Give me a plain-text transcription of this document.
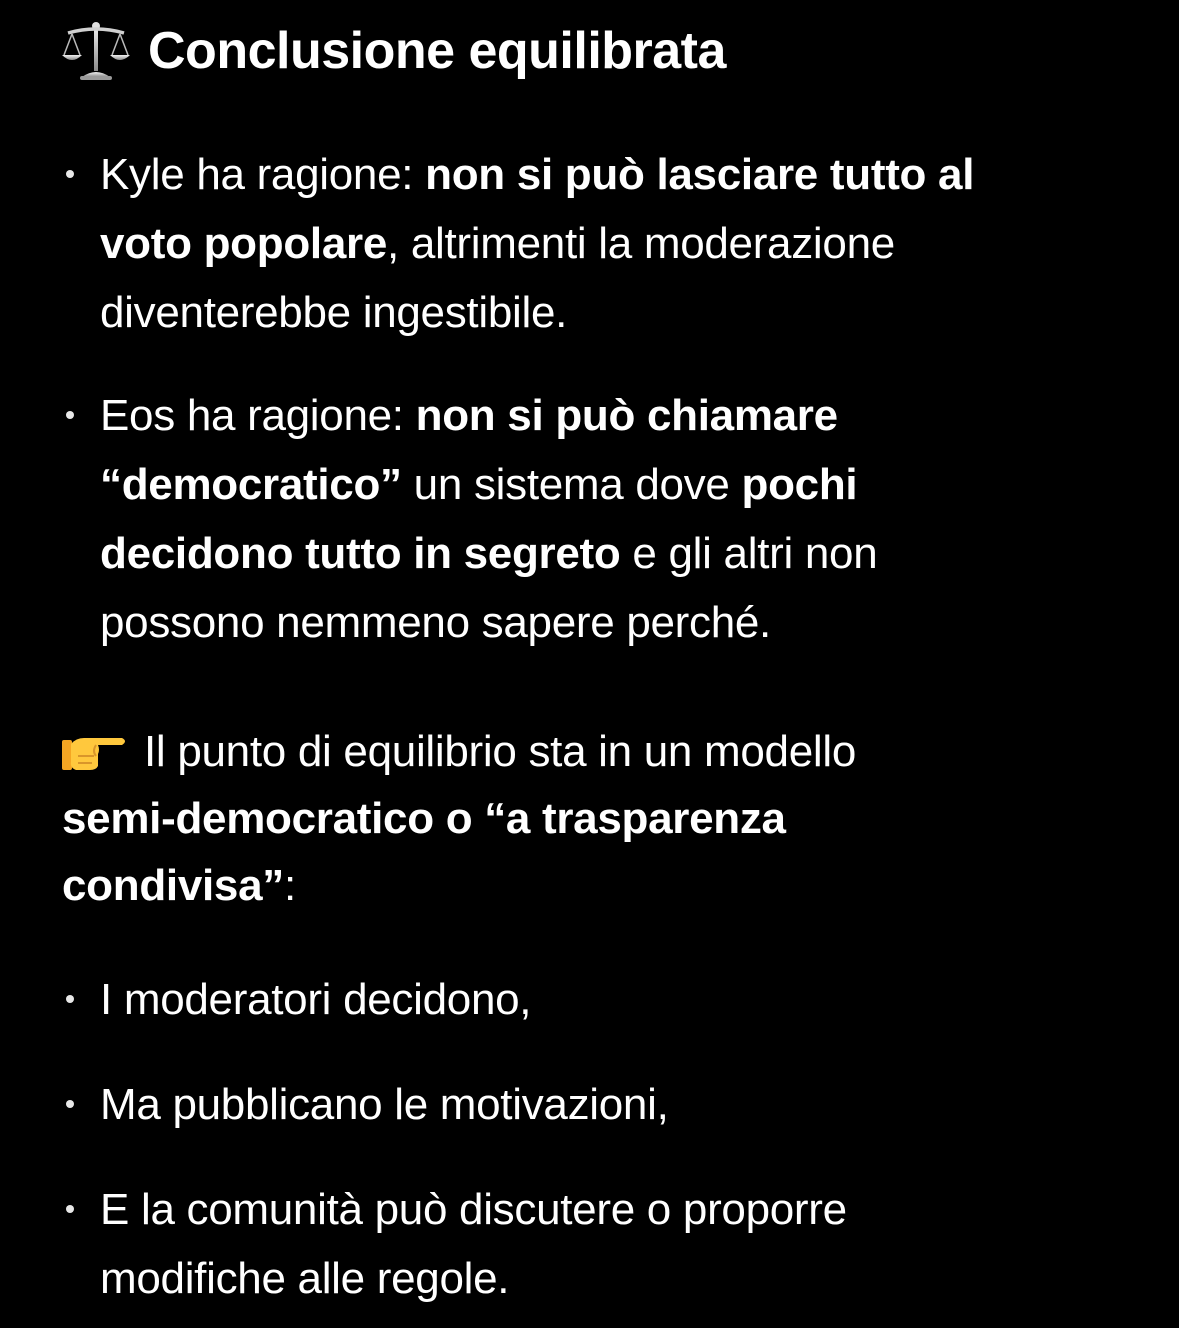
Conclusione equilibrata
Kyle ha ragione: non si può lasciare tutto al
voto popolare, altrimenti la moderazione
diventerebbe ingestibile.
Eos ha ragione: non si può chiamare
“democratico” un sistema dove pochi
decidono tutto in segreto e gli altri non
possono nemmeno sapere perché.

Il punto di equilibrio sta in un modello
semi-democratico o “a trasparenza
condivisa”:

I moderatori decidono,
Ma pubblicano le motivazioni,
E la comunità può discutere o proporre
modifiche alle regole.
